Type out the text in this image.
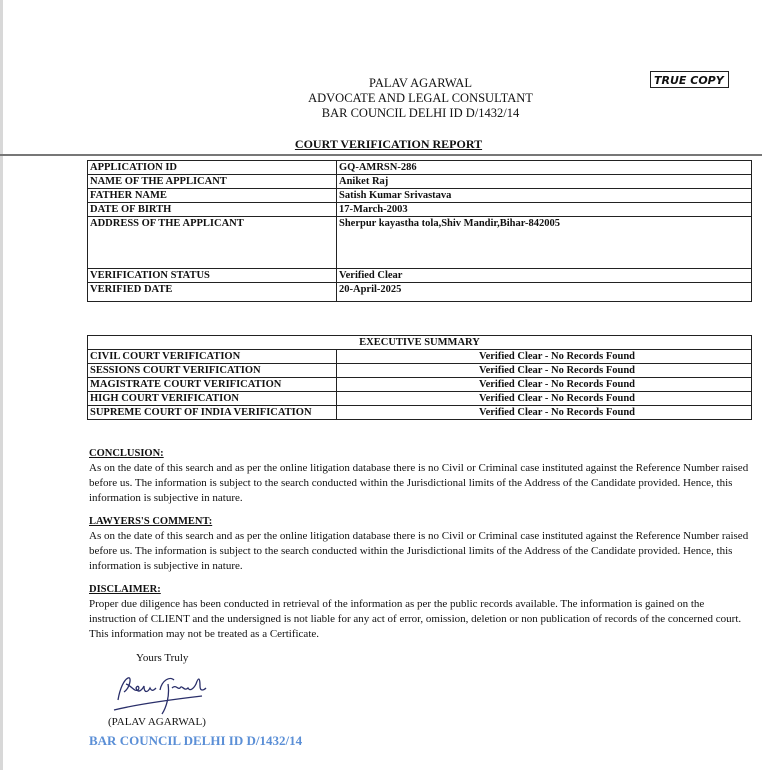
PALAV AGARWAL
ADVOCATE AND LEGAL CONSULTANT
BAR COUNCIL DELHI ID D/1432/14
TRUE COPY
COURT VERIFICATION REPORT
APPLICATION ID	GQ-AMRSN-286
NAME OF THE APPLICANT	Aniket Raj
FATHER NAME	Satish Kumar Srivastava
DATE OF BIRTH	17-March-2003
ADDRESS OF THE APPLICANT	Sherpur kayastha tola,Shiv Mandir,Bihar-842005
VERIFICATION STATUS	Verified Clear
VERIFIED DATE	20-April-2025
EXECUTIVE SUMMARY	
CIVIL COURT VERIFICATION	Verified Clear - No Records Found
SESSIONS COURT VERIFICATION	Verified Clear - No Records Found
MAGISTRATE COURT VERIFICATION	Verified Clear - No Records Found
HIGH COURT VERIFICATION	Verified Clear - No Records Found
SUPREME COURT OF INDIA VERIFICATION	Verified Clear - No Records Found
CONCLUSION:

As on the date of this search and as per the online litigation database there is no Civil or Criminal case instituted against the Reference Number raised before us. The information is subject to the search conducted within the Jurisdictional limits of the Address of the Candidate provided. Hence, this information is subjective in nature.

LAWYERS'S COMMENT:

As on the date of this search and as per the online litigation database there is no Civil or Criminal case instituted against the Reference Number raised before us. The information is subject to the search conducted within the Jurisdictional limits of the Address of the Candidate provided. Hence, this information is subjective in nature.

DISCLAIMER:

Proper due diligence has been conducted in retrieval of the information as per the public records available. The information is gained on the instruction of CLIENT and the undersigned is not liable for any act of error, omission, deletion or non publication of records of the concerned court. This information may not be treated as a Certificate.

Yours Truly
(PALAV AGARWAL)
BAR COUNCIL DELHI ID D/1432/14
